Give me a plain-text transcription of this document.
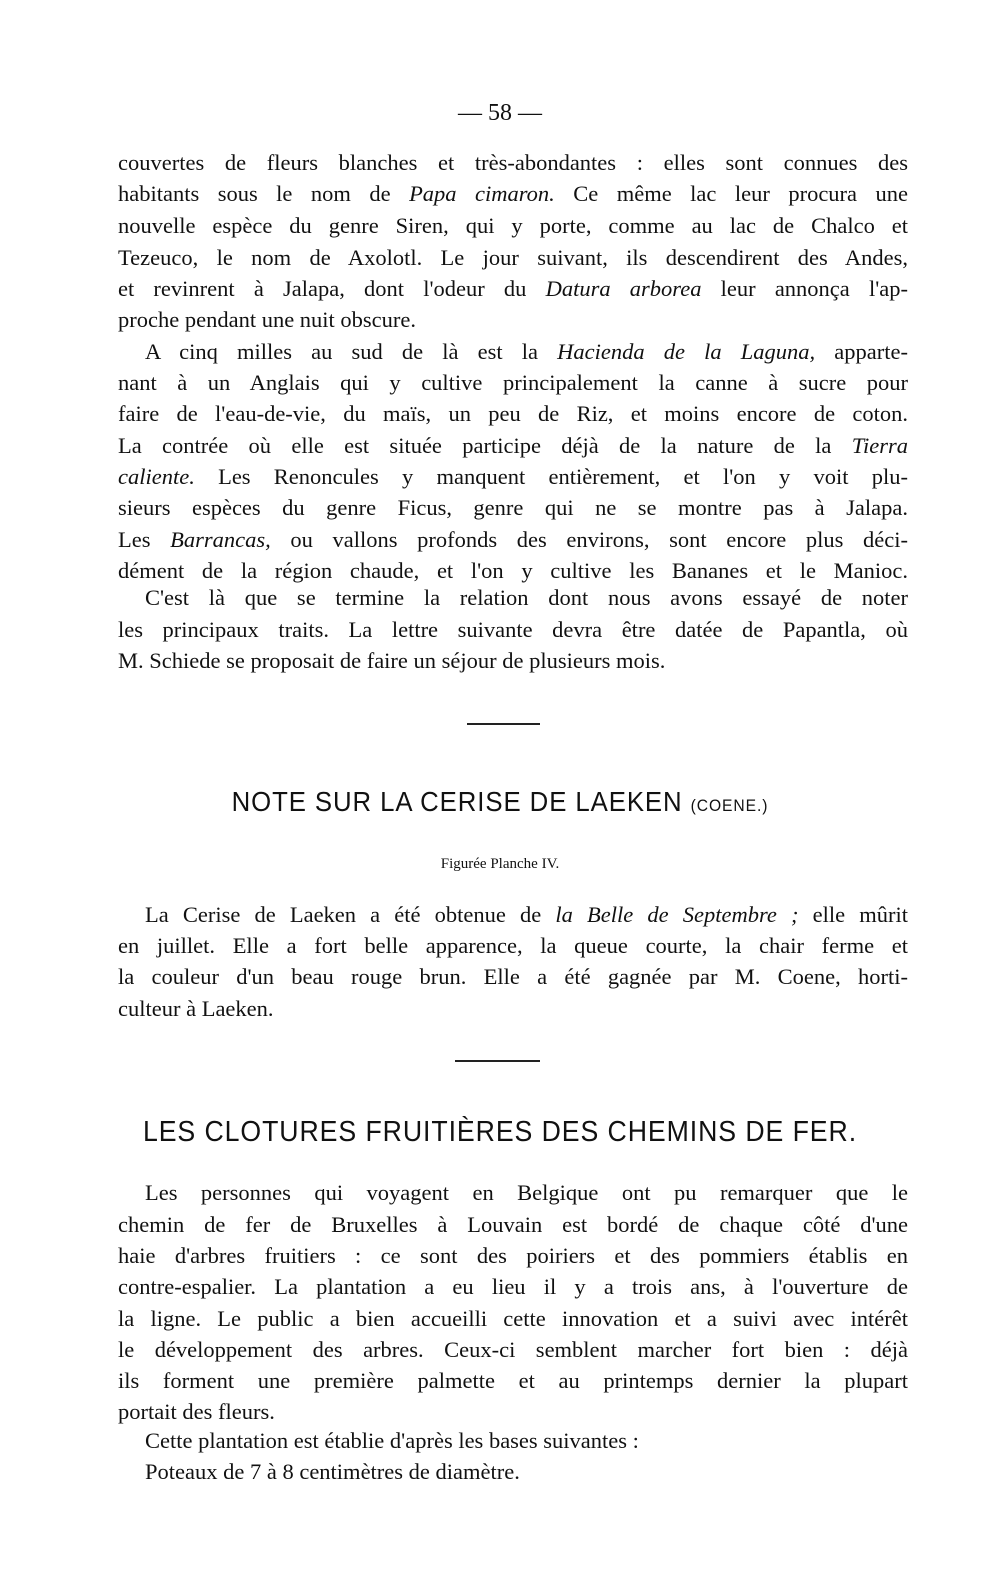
— 58 —
couvertes de fleurs blanches et très-abondantes : elles sont connues des
habitants sous le nom de Papa cimaron. Ce même lac leur procura une
nouvelle espèce du genre Siren, qui y porte, comme au lac de Chalco et
Tezeuco, le nom de Axolotl. Le jour suivant, ils descendirent des Andes,
et revinrent à Jalapa, dont l'odeur du Datura arborea leur annonça l'ap-
proche pendant une nuit obscure.
A cinq milles au sud de là est la Hacienda de la Laguna, apparte-
nant à un Anglais qui y cultive principalement la canne à sucre pour
faire de l'eau-de-vie, du maïs, un peu de Riz, et moins encore de coton.
La contrée où elle est située participe déjà de la nature de la Tierra
caliente. Les Renoncules y manquent entièrement, et l'on y voit plu-
sieurs espèces du genre Ficus, genre qui ne se montre pas à Jalapa.
Les Barrancas, ou vallons profonds des environs, sont encore plus déci-
dément de la région chaude, et l'on y cultive les Bananes et le Manioc.
C'est là que se termine la relation dont nous avons essayé de noter
les principaux traits. La lettre suivante devra être datée de Papantla, où
M. Schiede se proposait de faire un séjour de plusieurs mois.
NOTE SUR LA CERISE DE LAEKEN (COENE.)
Figurée Planche IV.
La Cerise de Laeken a été obtenue de la Belle de Septembre ; elle mûrit
en juillet. Elle a fort belle apparence, la queue courte, la chair ferme et
la couleur d'un beau rouge brun. Elle a été gagnée par M. Coene, horti-
culteur à Laeken.
LES CLOTURES FRUITIÈRES DES CHEMINS DE FER.
Les personnes qui voyagent en Belgique ont pu remarquer que le
chemin de fer de Bruxelles à Louvain est bordé de chaque côté d'une
haie d'arbres fruitiers : ce sont des poiriers et des pommiers établis en
contre-espalier. La plantation a eu lieu il y a trois ans, à l'ouverture de
la ligne. Le public a bien accueilli cette innovation et a suivi avec intérêt
le développement des arbres. Ceux-ci semblent marcher fort bien : déjà
ils forment une première palmette et au printemps dernier la plupart
portait des fleurs.
Cette plantation est établie d'après les bases suivantes :
Poteaux de 7 à 8 centimètres de diamètre.
